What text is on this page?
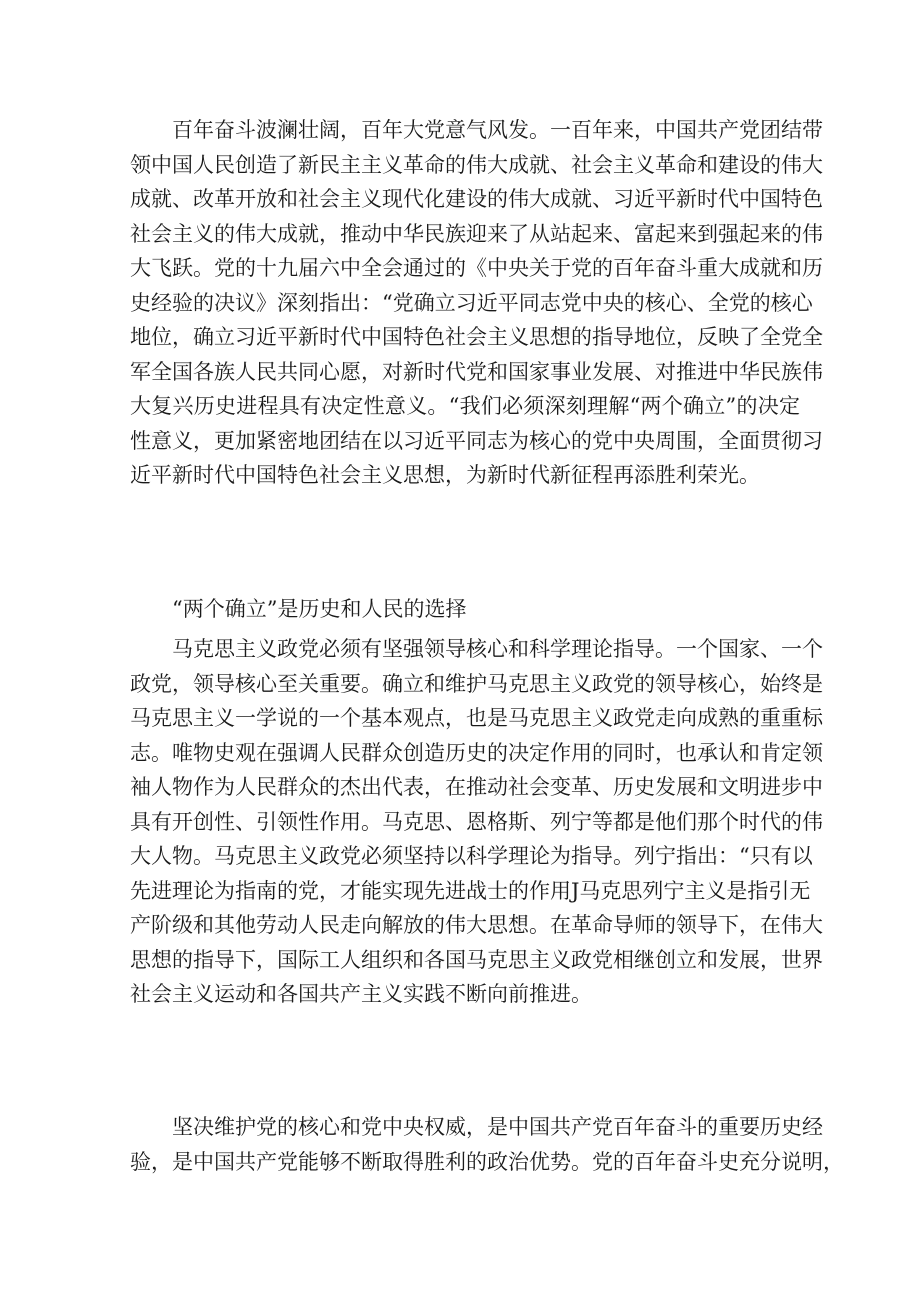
百年奋斗波澜壮阔，百年大党意气风发。一百年来，中国共产党团结带
领中国人民创造了新民主主义革命的伟大成就、社会主义革命和建设的伟大
成就、改革开放和社会主义现代化建设的伟大成就、习近平新时代中国特色
社会主义的伟大成就，推动中华民族迎来了从站起来、富起来到强起来的伟
大飞跃。党的十九届六中全会通过的《中央关于党的百年奋斗重大成就和历
史经验的决议》深刻指出：“党确立习近平同志党中央的核心、全党的核心
地位，确立习近平新时代中国特色社会主义思想的指导地位，反映了全党全
军全国各族人民共同心愿，对新时代党和国家事业发展、对推进中华民族伟
大复兴历史进程具有决定性意义。“我们必须深刻理解“两个确立”的决定
性意义，更加紧密地团结在以习近平同志为核心的党中央周围，全面贯彻习
近平新时代中国特色社会主义思想，为新时代新征程再添胜利荣光。
“两个确立”是历史和人民的选择
马克思主义政党必须有坚强领导核心和科学理论指导。一个国家、一个
政党，领导核心至关重要。确立和维护马克思主义政党的领导核心，始终是
马克思主义一学说的一个基本观点，也是马克思主义政党走向成熟的重重标
志。唯物史观在强调人民群众创造历史的决定作用的同时，也承认和肯定领
袖人物作为人民群众的杰出代表，在推动社会变革、历史发展和文明进步中
具有开创性、引领性作用。马克思、恩格斯、列宁等都是他们那个时代的伟
大人物。马克思主义政党必须坚持以科学理论为指导。列宁指出：“只有以
先进理论为指南的党，才能实现先进战士的作用J马克思列宁主义是指引无
产阶级和其他劳动人民走向解放的伟大思想。在革命导师的领导下，在伟大
思想的指导下，国际工人组织和各国马克思主义政党相继创立和发展，世界
社会主义运动和各国共产主义实践不断向前推进。
坚决维护党的核心和党中央权威，是中国共产党百年奋斗的重要历史经
验，是中国共产党能够不断取得胜利的政治优势。党的百年奋斗史充分说明，
